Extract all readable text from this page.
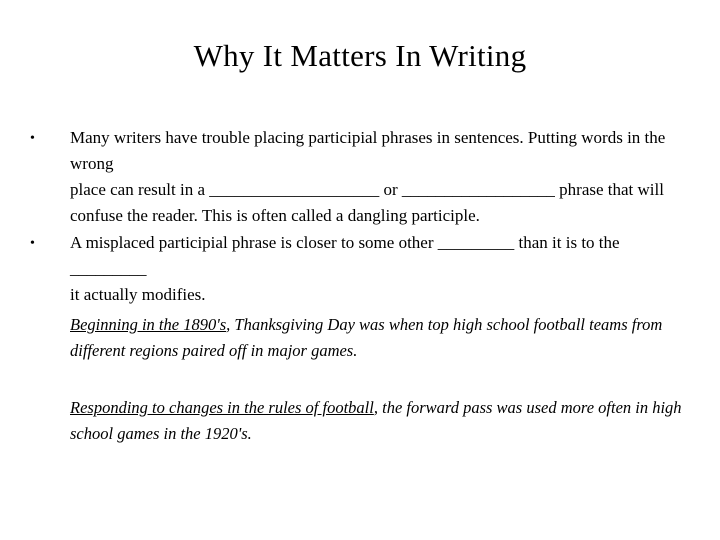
Why It Matters In Writing
• Many writers have trouble placing participial phrases in sentences. Putting words in the wrong
place can result in a ____________________ or __________________ phrase that will
confuse the reader. This is often called a dangling participle.
• A misplaced participial phrase is closer to some other _________ than it is to the _________
it actually modifies.
Beginning in the 1890's, Thanksgiving Day was when top high school football teams from
different regions paired off in major games.
Responding to changes in the rules of football, the forward pass was used more often in high
school games in the 1920's.
